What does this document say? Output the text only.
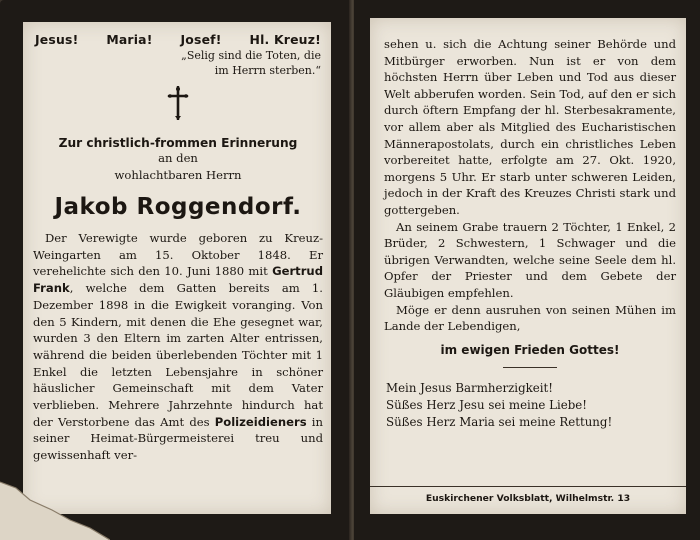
Jesus! Maria! Josef! Hl. Kreuz!
„Selig sind die Toten, die
im Herrn sterben.“
Zur christlich-frommen Erinnerung
an den
wohlachtbaren Herrn
Jakob Roggendorf.

Der Verewigte wurde geboren zu Kreuz-Weingarten am 15. Oktober 1848. Er verehelichte sich den 10. Juni 1880 mit Gertrud Frank, welche dem Gatten bereits am 1. Dezember 1898 in die Ewigkeit voranging. Von den 5 Kindern, mit denen die Ehe gesegnet war, wurden 3 den Eltern im zarten Alter entrissen, während die beiden überlebenden Töchter mit 1 Enkel die letzten Lebensjahre in schöner häuslicher Gemeinschaft mit dem Vater verblieben. Mehrere Jahrzehnte hindurch hat der Verstorbene das Amt des Polizeidieners in seiner Heimat-Bürgermeisterei treu und gewissenhaft ver-

sehen u. sich die Achtung seiner Behörde und Mitbürger erworben. Nun ist er von dem höchsten Herrn über Leben und Tod aus dieser Welt abberufen worden. Sein Tod, auf den er sich durch öftern Empfang der hl. Sterbesakramente, vor allem aber als Mitglied des Eucharistischen Männerapostolats, durch ein christliches Leben vorbereitet hatte, erfolgte am 27. Okt. 1920, morgens 5 Uhr. Er starb unter schweren Leiden, jedoch in der Kraft des Kreuzes Christi stark und gottergeben.

An seinem Grabe trauern 2 Töchter, 1 Enkel, 2 Brüder, 2 Schwestern, 1 Schwager und die übrigen Verwandten, welche seine Seele dem hl. Opfer der Priester und dem Gebete der Gläubigen empfehlen.

Möge er denn ausruhen von seinen Mühen im Lande der Lebendigen,

im ewigen Frieden Gottes!

Mein Jesus Barmherzigkeit!

Süßes Herz Jesu sei meine Liebe!

Süßes Herz Maria sei meine Rettung!

Euskirchener Volksblatt, Wilhelmstr. 13
